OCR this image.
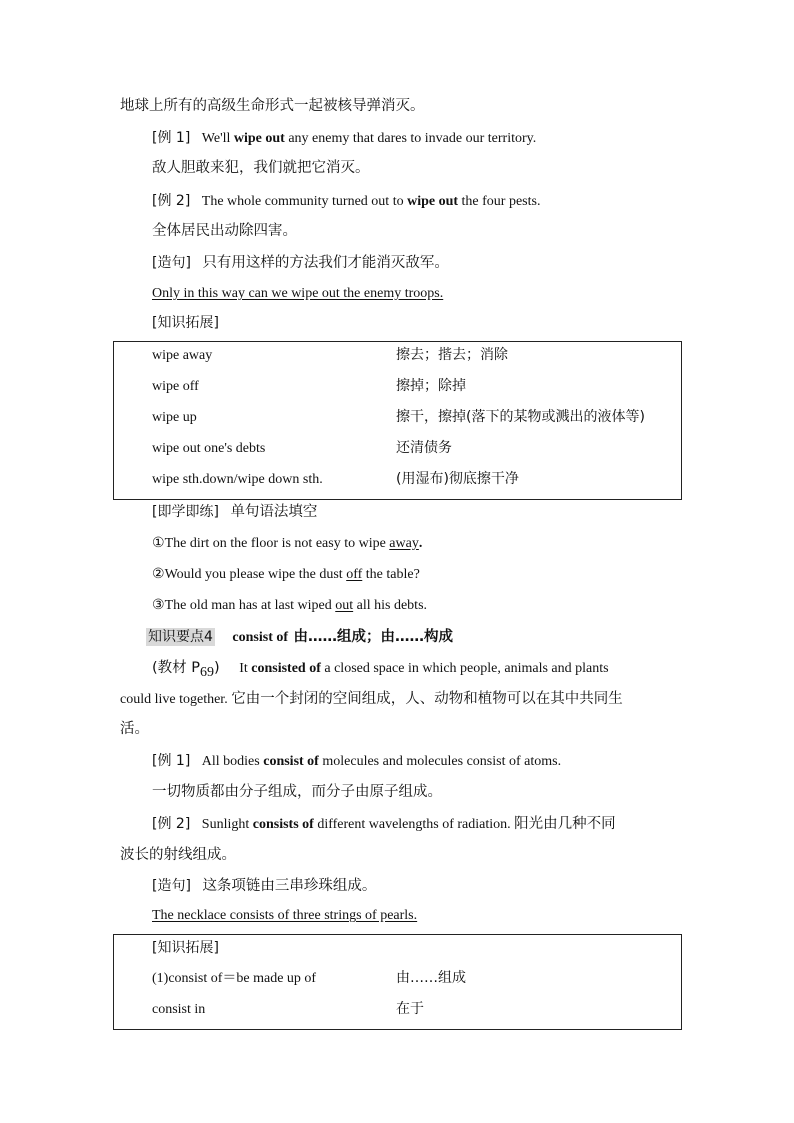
地球上所有的高级生命形式一起被核导弹消灭。
[例 1] We'll wipe out any enemy that dares to invade our territory.
敌人胆敢来犯，我们就把它消灭。
[例 2] The whole community turned out to wipe out the four pests.
全体居民出动除四害。
[造句] 只有用这样的方法我们才能消灭敌军。
Only in this way can we wipe out the enemy troops.
[知识拓展]
wipe away	擦去；揩去；消除
wipe off	擦掉；除掉
wipe up	擦干，擦掉(落下的某物或溅出的液体等)
wipe out one's debts	还清债务
wipe sth.down/wipe down sth.	(用湿布)彻底擦干净
[即学即练] 单句语法填空
①The dirt on the floor is not easy to wipe away.
②Would you please wipe the dust off the table?
③The old man has at last wiped out all his debts.
知识要点4 consist of 由……组成；由……构成
(教材 $P_{69}$) It consisted of a closed space in which people, animals and plants
could live together. 它由一个封闭的空间组成，人、动物和植物可以在其中共同生
活。
[例 1] All bodies consist of molecules and molecules consist of atoms.
一切物质都由分子组成，而分子由原子组成。
[例 2] Sunlight consists of different wavelengths of radiation. 阳光由几种不同
波长的射线组成。
[造句] 这条项链由三串珍珠组成。
The necklace consists of three strings of pearls.
[知识拓展]
(1)consist of＝be made up of	由……组成
consist in	在于
